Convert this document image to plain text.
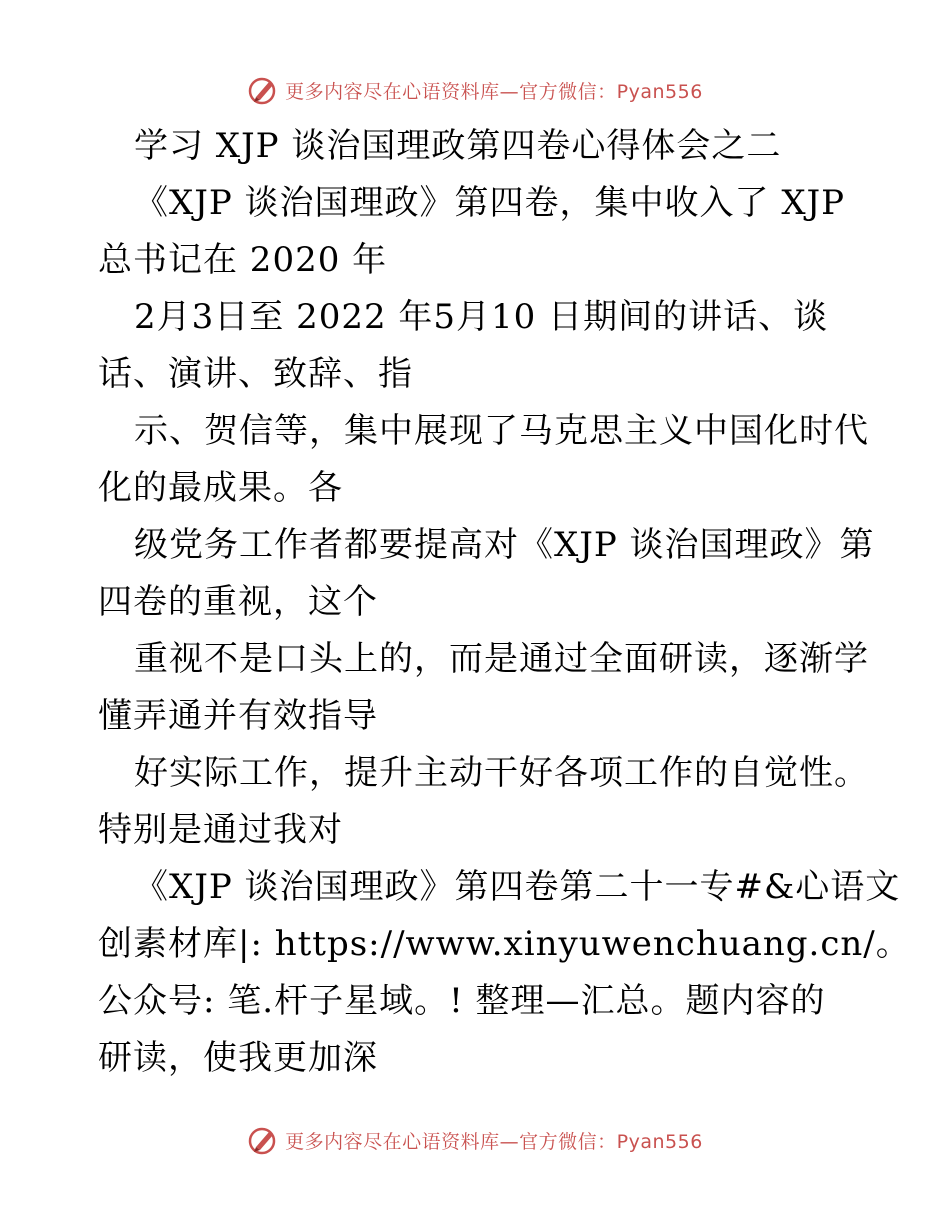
更多内容尽在心语资料库—官方微信：Pyan556
学习 XJP 谈治国理政第四卷心得体会之二
《XJP 谈治国理政》第四卷，集中收入了 XJP
总书记在 2020 年
2月3日至 2022 年5月10 日期间的讲话、谈
话、演讲、致辞、指
示、贺信等，集中展现了马克思主义中国化时代
化的最成果。各
级党务工作者都要提高对《XJP 谈治国理政》第
四卷的重视，这个
重视不是口头上的，而是通过全面研读，逐渐学
懂弄通并有效指导
好实际工作，提升主动干好各项工作的自觉性。
特别是通过我对
《XJP 谈治国理政》第四卷第二十一专#&心语文
创素材库|: https://www.xinyuwenchuang.cn/。
公众号: 笔.杆子星域。! 整理—汇总。题内容的
研读，使我更加深
更多内容尽在心语资料库—官方微信：Pyan556
